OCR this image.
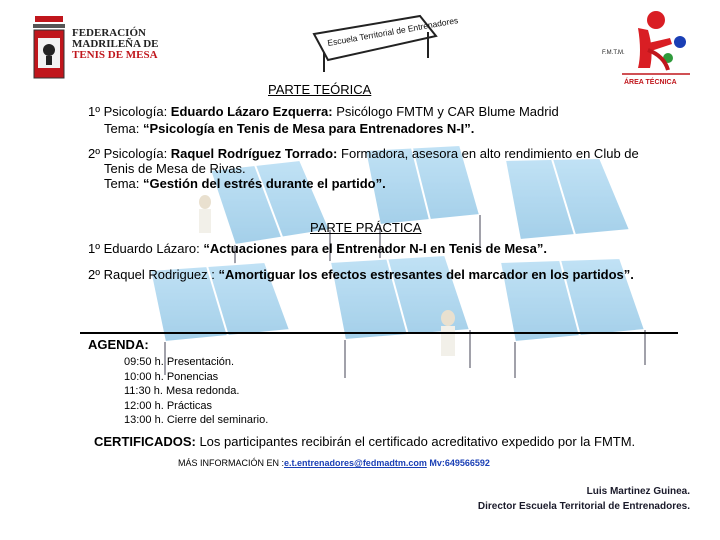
FEDERACIÓN
MADRILEÑA DE
TENIS DE MESA
Escuela Territorial de Entrenadores
F.M.T.M.
ÁREA TÉCNICA
PARTE TEÓRICA
1º Psicología: Eduardo Lázaro Ezquerra: Psicólogo FMTM y CAR Blume Madrid
Tema: “Psicología en Tenis de Mesa para Entrenadores N-I”.
2º Psicología: Raquel Rodríguez Torrado: Formadora, asesora en alto rendimiento en Club de
Tenis de Mesa de Rivas.
Tema: “Gestión del estrés durante el partido”.
PARTE PRÁCTICA
1º Eduardo Lázaro: “Actuaciones para el Entrenador N-I en Tenis de Mesa”.
2º Raquel Rodriguez : “Amortiguar los efectos estresantes del marcador en los partidos”.
AGENDA:
09:50 h. Presentación.
10:00 h. Ponencias
11:30 h. Mesa redonda.
12:00 h. Prácticas
13:00 h. Cierre del seminario.
CERTIFICADOS: Los participantes recibirán el certificado acreditativo expedido por la FMTM.
MÁS INFORMACIÓN EN :e.t.entrenadores@fedmadtm.com Mv:649566592
Luis Martinez Guinea.
Director Escuela Territorial de Entrenadores.
